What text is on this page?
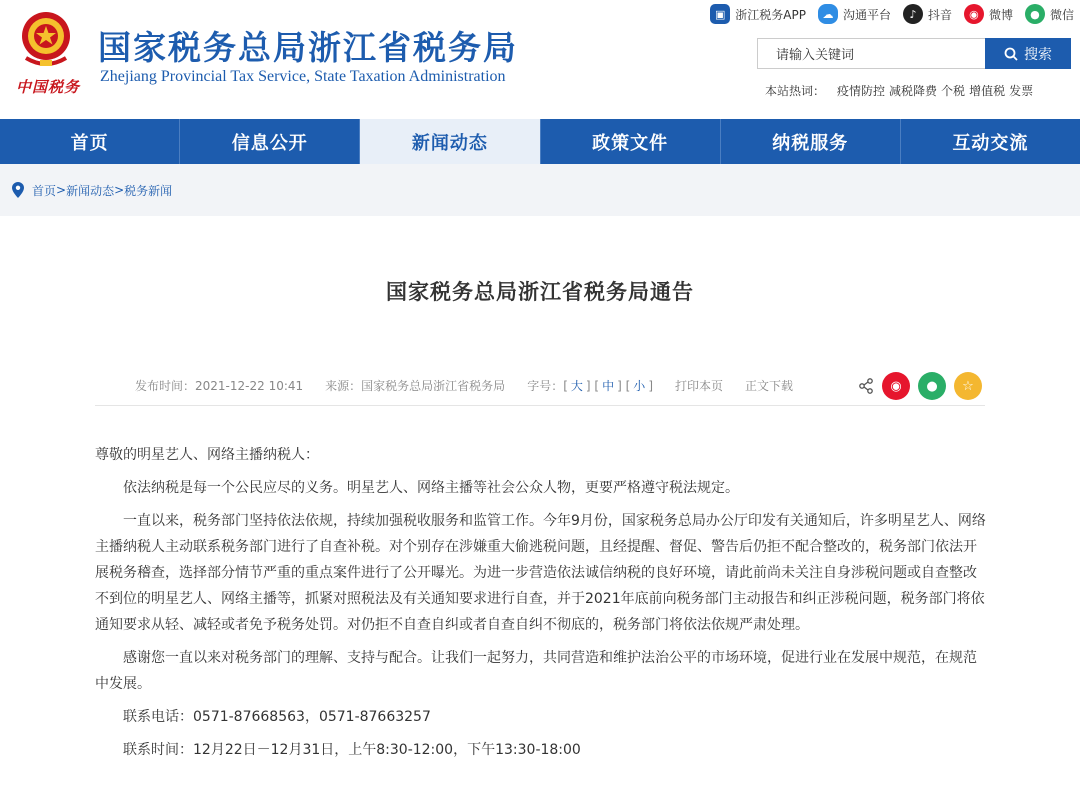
中国税务
国家税务总局浙江省税务局
Zhejiang Provincial Tax Service, State Taxation Administration
▣ 浙江税务APP	☁ 沟通平台	♪ 抖音	◉ 微博	● 微信
请输入关键词	搜索
本站热词： 疫情防控 减税降费 个税 增值税 发票
首页	信息公开	新闻动态	政策文件	纳税服务	互动交流
首页 > 新闻动态 > 税务新闻
国家税务总局浙江省税务局通告
发布时间：2021-12-22 10:41 来源：国家税务总局浙江省税务局 字号：[ 大 ] [ 中 ] [ 小 ] 打印本页 正文下载	◉	●	☆

尊敬的明星艺人、网络主播纳税人：

依法纳税是每一个公民应尽的义务。明星艺人、网络主播等社会公众人物，更要严格遵守税法规定。

一直以来，税务部门坚持依法依规，持续加强税收服务和监管工作。今年9月份，国家税务总局办公厅印发有关通知后，许多明星艺人、网络主播纳税人主动联系税务部门进行了自查补税。对个别存在涉嫌重大偷逃税问题，且经提醒、督促、警告后仍拒不配合整改的，税务部门依法开展税务稽查，选择部分情节严重的重点案件进行了公开曝光。为进一步营造依法诚信纳税的良好环境，请此前尚未关注自身涉税问题或自查整改不到位的明星艺人、网络主播等，抓紧对照税法及有关通知要求进行自查，并于2021年底前向税务部门主动报告和纠正涉税问题，税务部门将依通知要求从轻、减轻或者免予税务处罚。对仍拒不自查自纠或者自查自纠不彻底的，税务部门将依法依规严肃处理。

感谢您一直以来对税务部门的理解、支持与配合。让我们一起努力，共同营造和维护法治公平的市场环境，促进行业在发展中规范，在规范中发展。

联系电话：0571-87668563，0571-87663257

联系时间：12月22日－12月31日，上午8:30-12:00，下午13:30-18:00
